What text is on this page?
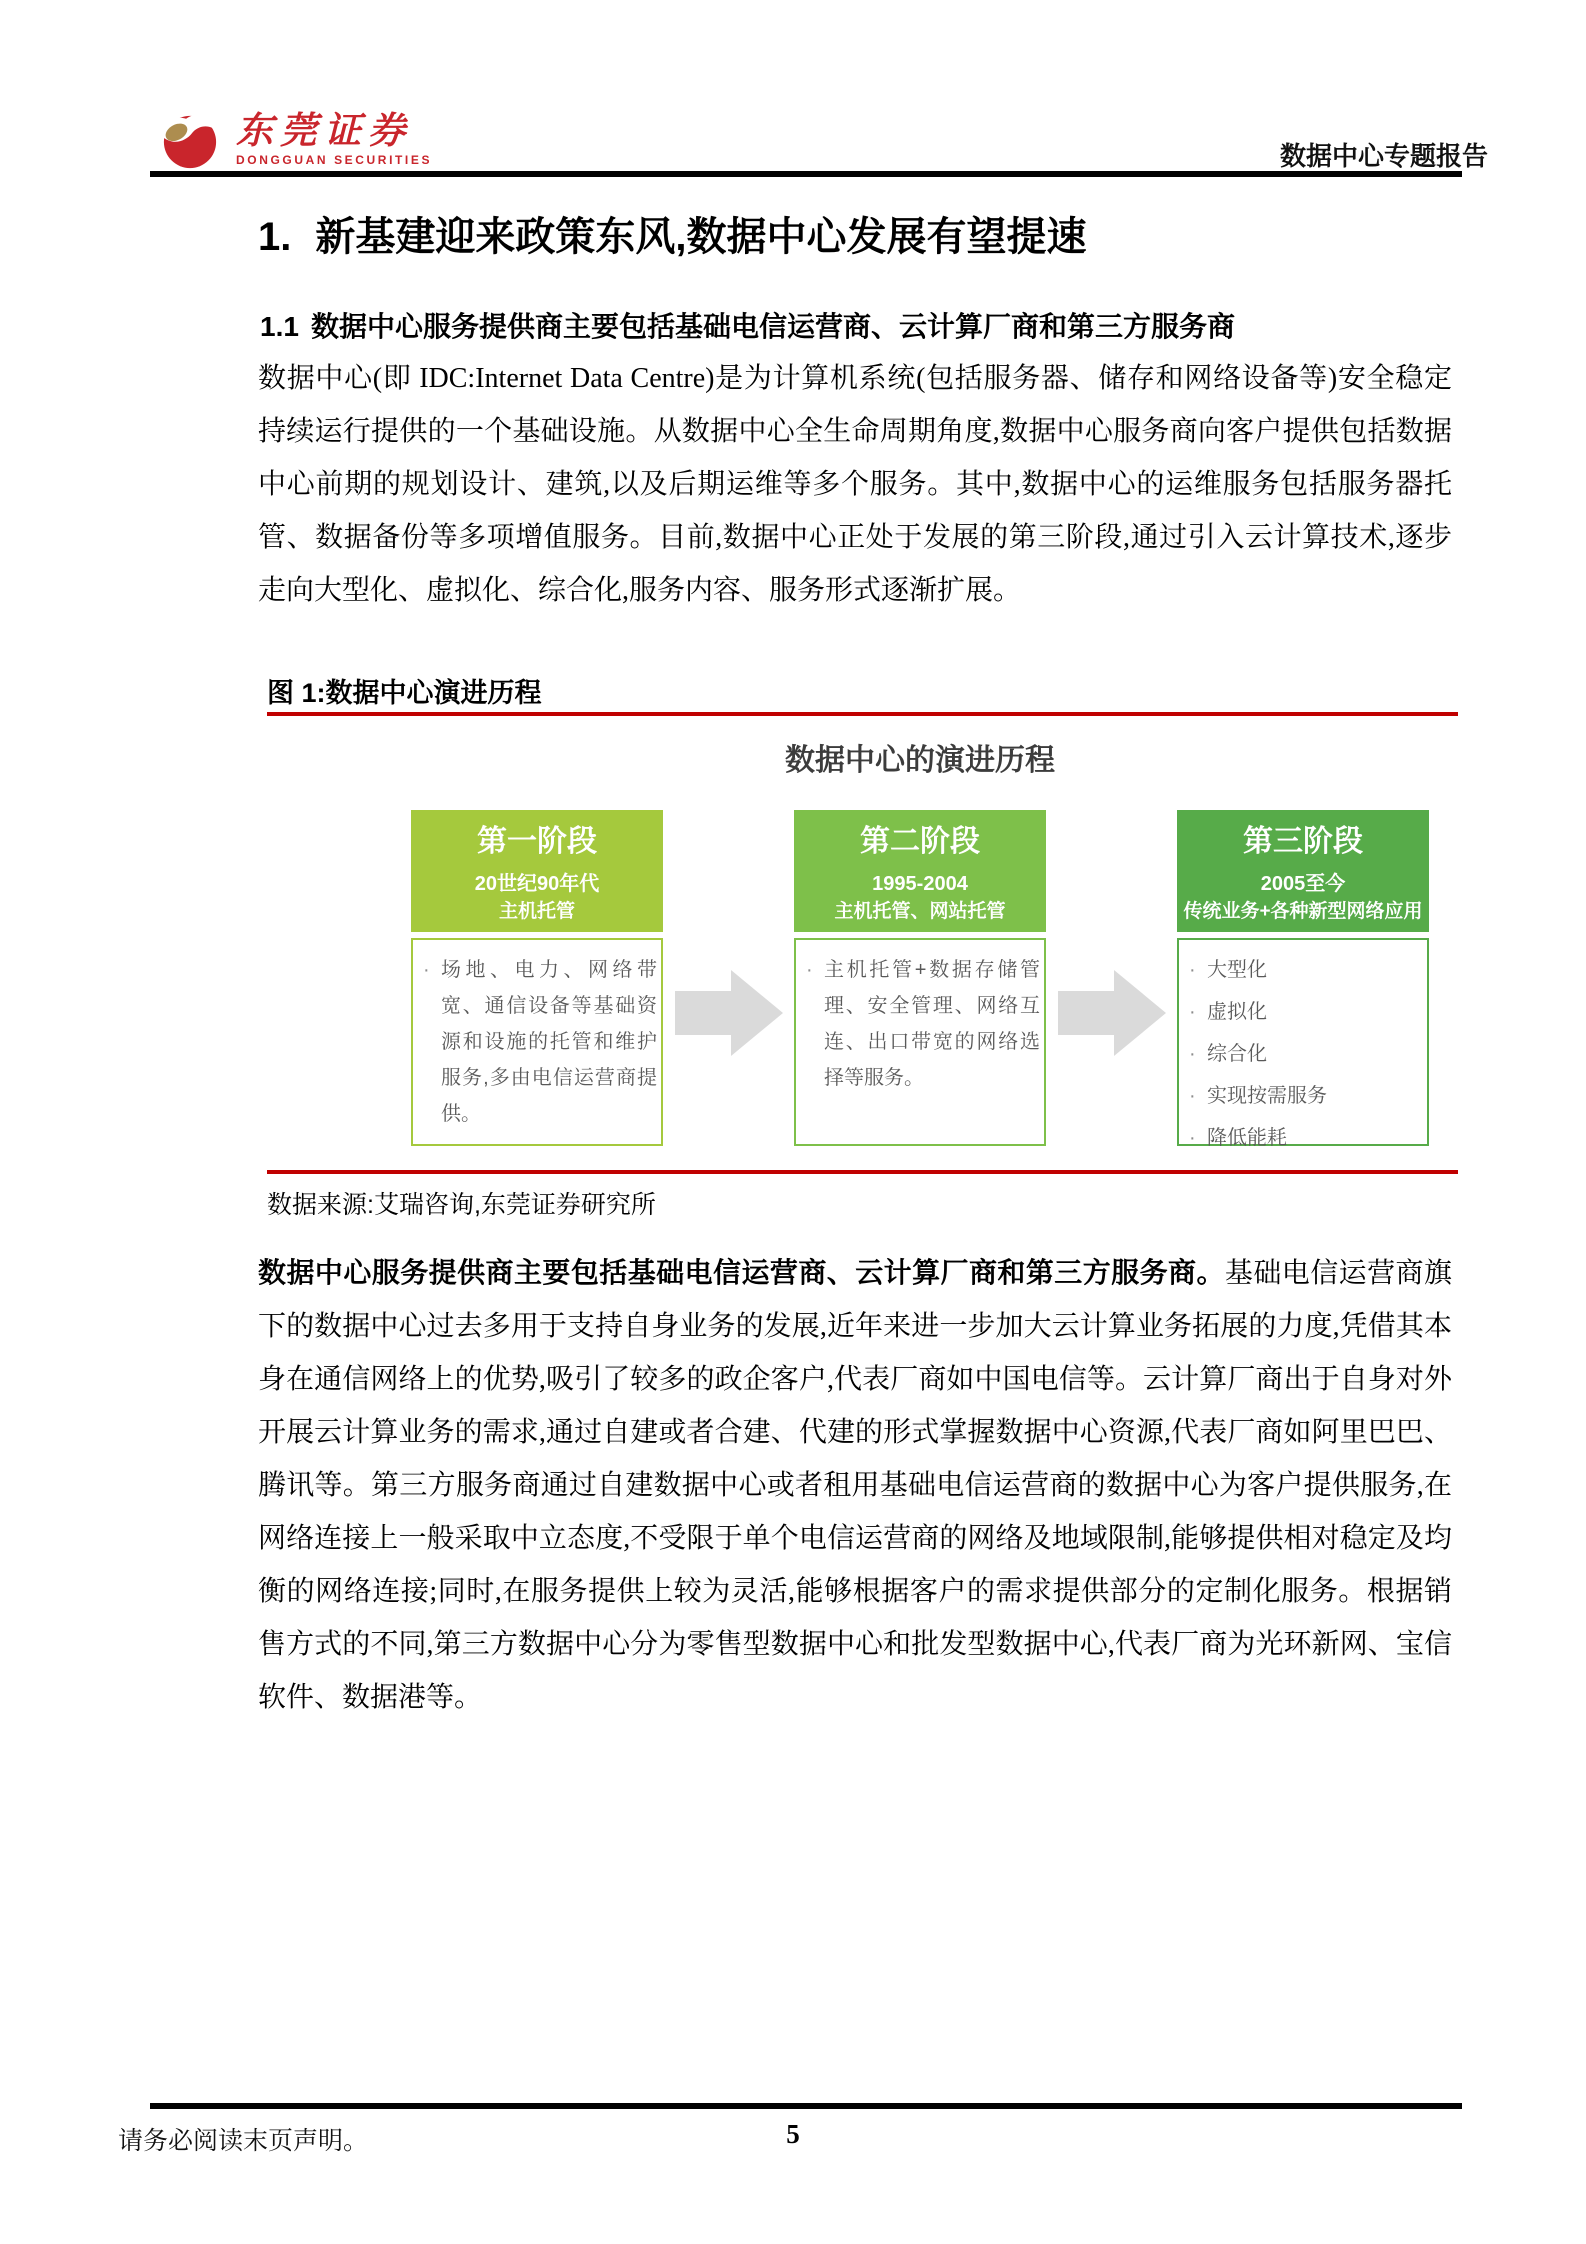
东莞证券
DONGGUAN SECURITIES	数据中心专题报告
1. 新基建迎来政策东风,数据中心发展有望提速
1.1 数据中心服务提供商主要包括基础电信运营商、云计算厂商和第三方服务商
数据中心(即 IDC:Internet Data Centre)是为计算机系统(包括服务器、储存和网络设备等)安全稳定持续运行提供的一个基础设施。从数据中心全生命周期角度,数据中心服务商向客户提供包括数据中心前期的规划设计、建筑,以及后期运维等多个服务。其中,数据中心的运维服务包括服务器托管、数据备份等多项增值服务。目前,数据中心正处于发展的第三阶段,通过引入云计算技术,逐步走向大型化、虚拟化、综合化,服务内容、服务形式逐渐扩展。
图 1:数据中心演进历程
数据中心的演进历程
第一阶段
20世纪90年代
主机托管
· 场地、电力、网络带宽、通信设备等基础资源和设施的托管和维护服务,多由电信运营商提供。
第二阶段
1995-2004
主机托管、网站托管
· 主机托管+数据存储管理、安全管理、网络互连、出口带宽的网络选择等服务。
第三阶段
2005至今
传统业务+各种新型网络应用
· 大型化
· 虚拟化
· 综合化
· 实现按需服务
· 降低能耗
数据来源:艾瑞咨询,东莞证券研究所
数据中心服务提供商主要包括基础电信运营商、云计算厂商和第三方服务商。基础电信运营商旗下的数据中心过去多用于支持自身业务的发展,近年来进一步加大云计算业务拓展的力度,凭借其本身在通信网络上的优势,吸引了较多的政企客户,代表厂商如中国电信等。云计算厂商出于自身对外开展云计算业务的需求,通过自建或者合建、代建的形式掌握数据中心资源,代表厂商如阿里巴巴、腾讯等。第三方服务商通过自建数据中心或者租用基础电信运营商的数据中心为客户提供服务,在网络连接上一般采取中立态度,不受限于单个电信运营商的网络及地域限制,能够提供相对稳定及均衡的网络连接;同时,在服务提供上较为灵活,能够根据客户的需求提供部分的定制化服务。根据销售方式的不同,第三方数据中心分为零售型数据中心和批发型数据中心,代表厂商为光环新网、宝信软件、数据港等。
请务必阅读末页声明。	5
